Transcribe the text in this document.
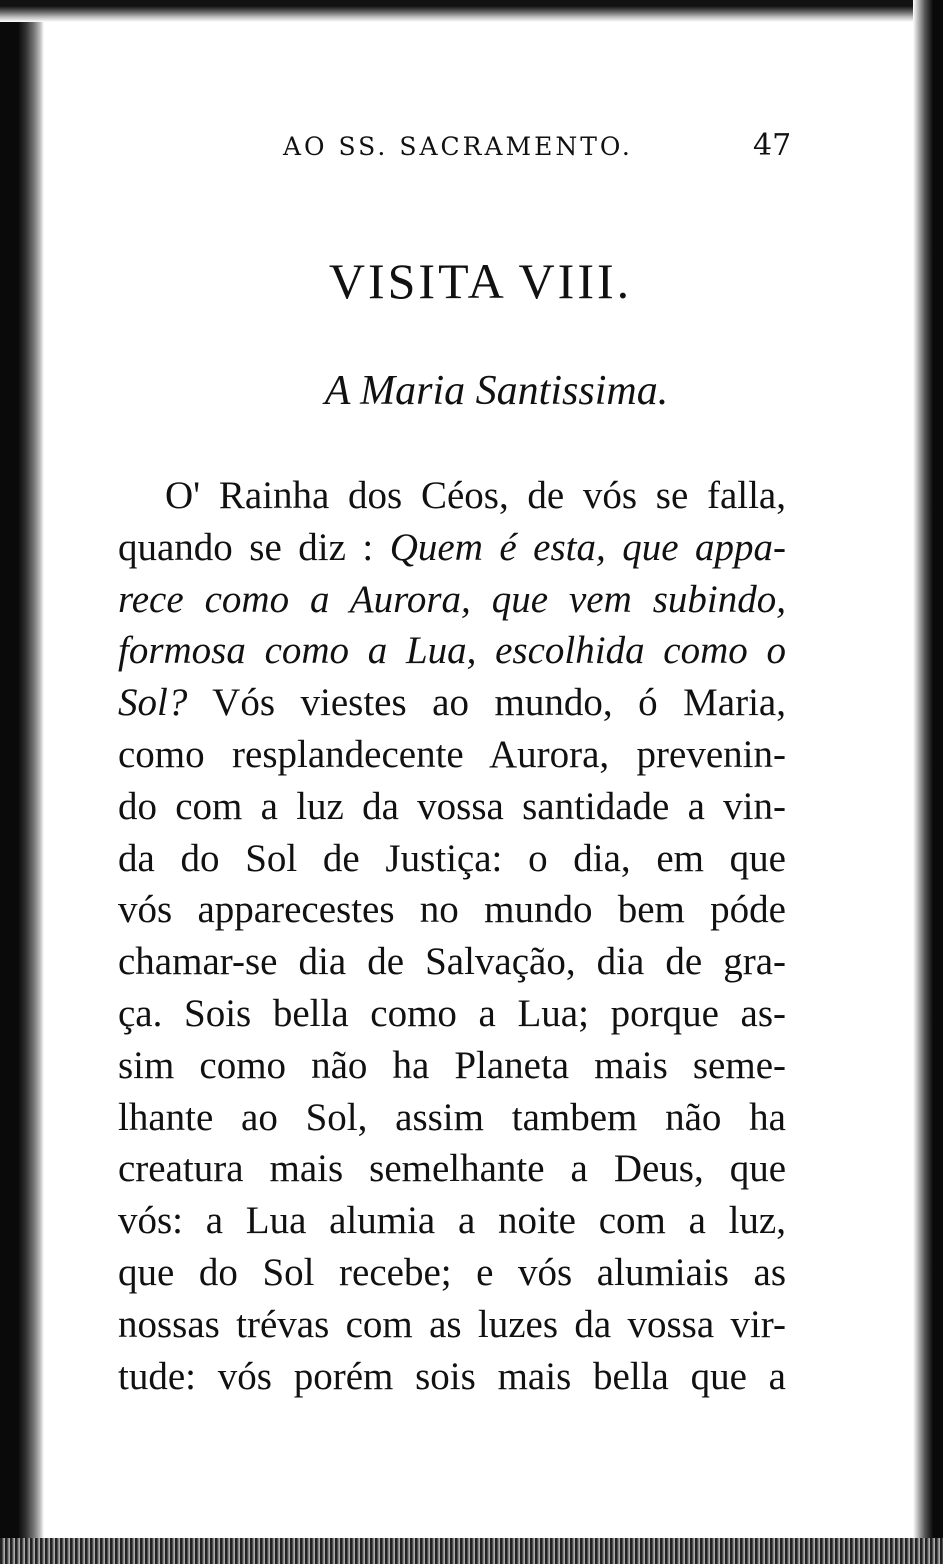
AO SS. SACRAMENTO.	47
VISITA VIII.
A Maria Santissima.
O' Rainha dos Céos, de vós se falla,
quando se diz : Quem é esta, que appa-
rece como a Aurora, que vem subindo,
formosa como a Lua, escolhida como o
Sol? Vós viestes ao mundo, ó Maria,
como resplandecente Aurora, prevenin-
do com a luz da vossa santidade a vin-
da do Sol de Justiça: o dia, em que
vós apparecestes no mundo bem póde
chamar-se dia de Salvação, dia de gra-
ça. Sois bella como a Lua; porque as-
sim como não ha Planeta mais seme-
lhante ao Sol, assim tambem não ha
creatura mais semelhante a Deus, que
vós: a Lua alumia a noite com a luz,
que do Sol recebe; e vós alumiais as
nossas trévas com as luzes da vossa vir-
tude: vós porém sois mais bella que a
